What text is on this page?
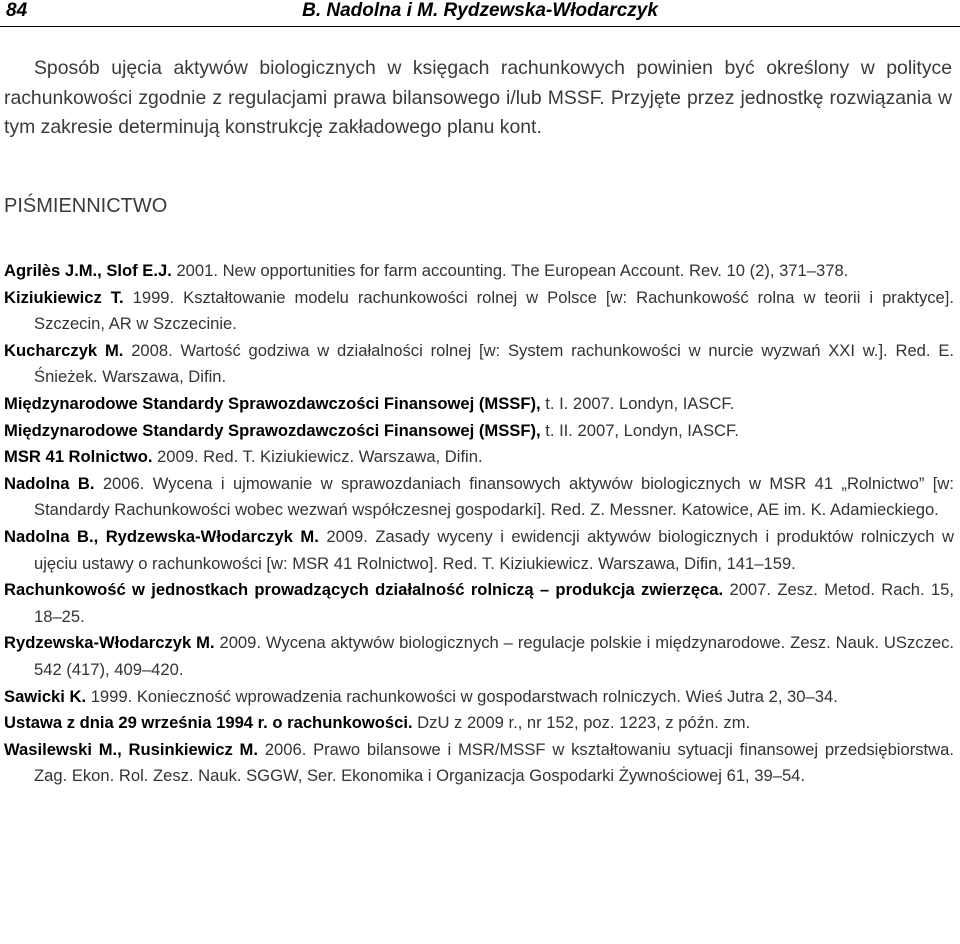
84	B. Nadolna i M. Rydzewska-Włodarczyk

Sposób ujęcia aktywów biologicznych w księgach rachunkowych powinien być określony w polityce rachunkowości zgodnie z regulacjami prawa bilansowego i/lub MSSF. Przyjęte przez jednostkę rozwiązania w tym zakresie determinują konstrukcję zakładowego planu kont.

PIŚMIENNICTWO
Agrilès J.M., Slof E.J. 2001. New opportunities for farm accounting. The European Account. Rev. 10 (2), 371–378.
Kiziukiewicz T. 1999. Kształtowanie modelu rachunkowości rolnej w Polsce [w: Rachunkowość rolna w teorii i praktyce]. Szczecin, AR w Szczecinie.
Kucharczyk M. 2008. Wartość godziwa w działalności rolnej [w: System rachunkowości w nurcie wyzwań XXI w.]. Red. E. Śnieżek. Warszawa, Difin.
Międzynarodowe Standardy Sprawozdawczości Finansowej (MSSF), t. I. 2007. Londyn, IASCF.
Międzynarodowe Standardy Sprawozdawczości Finansowej (MSSF), t. II. 2007, Londyn, IASCF.
MSR 41 Rolnictwo. 2009. Red. T. Kiziukiewicz. Warszawa, Difin.
Nadolna B. 2006. Wycena i ujmowanie w sprawozdaniach finansowych aktywów biologicznych w MSR 41 „Rolnictwo” [w: Standardy Rachunkowości wobec wezwań współczesnej gospodarki]. Red. Z. Messner. Katowice, AE im. K. Adamieckiego.
Nadolna B., Rydzewska-Włodarczyk M. 2009. Zasady wyceny i ewidencji aktywów biologicznych i produktów rolniczych w ujęciu ustawy o rachunkowości [w: MSR 41 Rolnictwo]. Red. T. Kiziukiewicz. Warszawa, Difin, 141–159.
Rachunkowość w jednostkach prowadzących działalność rolniczą – produkcja zwierzęca. 2007. Zesz. Metod. Rach. 15, 18–25.
Rydzewska-Włodarczyk M. 2009. Wycena aktywów biologicznych – regulacje polskie i międzynarodowe. Zesz. Nauk. USzczec. 542 (417), 409–420.
Sawicki K. 1999. Konieczność wprowadzenia rachunkowości w gospodarstwach rolniczych. Wieś Jutra 2, 30–34.
Ustawa z dnia 29 września 1994 r. o rachunkowości. DzU z 2009 r., nr 152, poz. 1223, z późn. zm.
Wasilewski M., Rusinkiewicz M. 2006. Prawo bilansowe i MSR/MSSF w kształtowaniu sytuacji finansowej przedsiębiorstwa. Zag. Ekon. Rol. Zesz. Nauk. SGGW, Ser. Ekonomika i Organizacja Gospodarki Żywnościowej 61, 39–54.
